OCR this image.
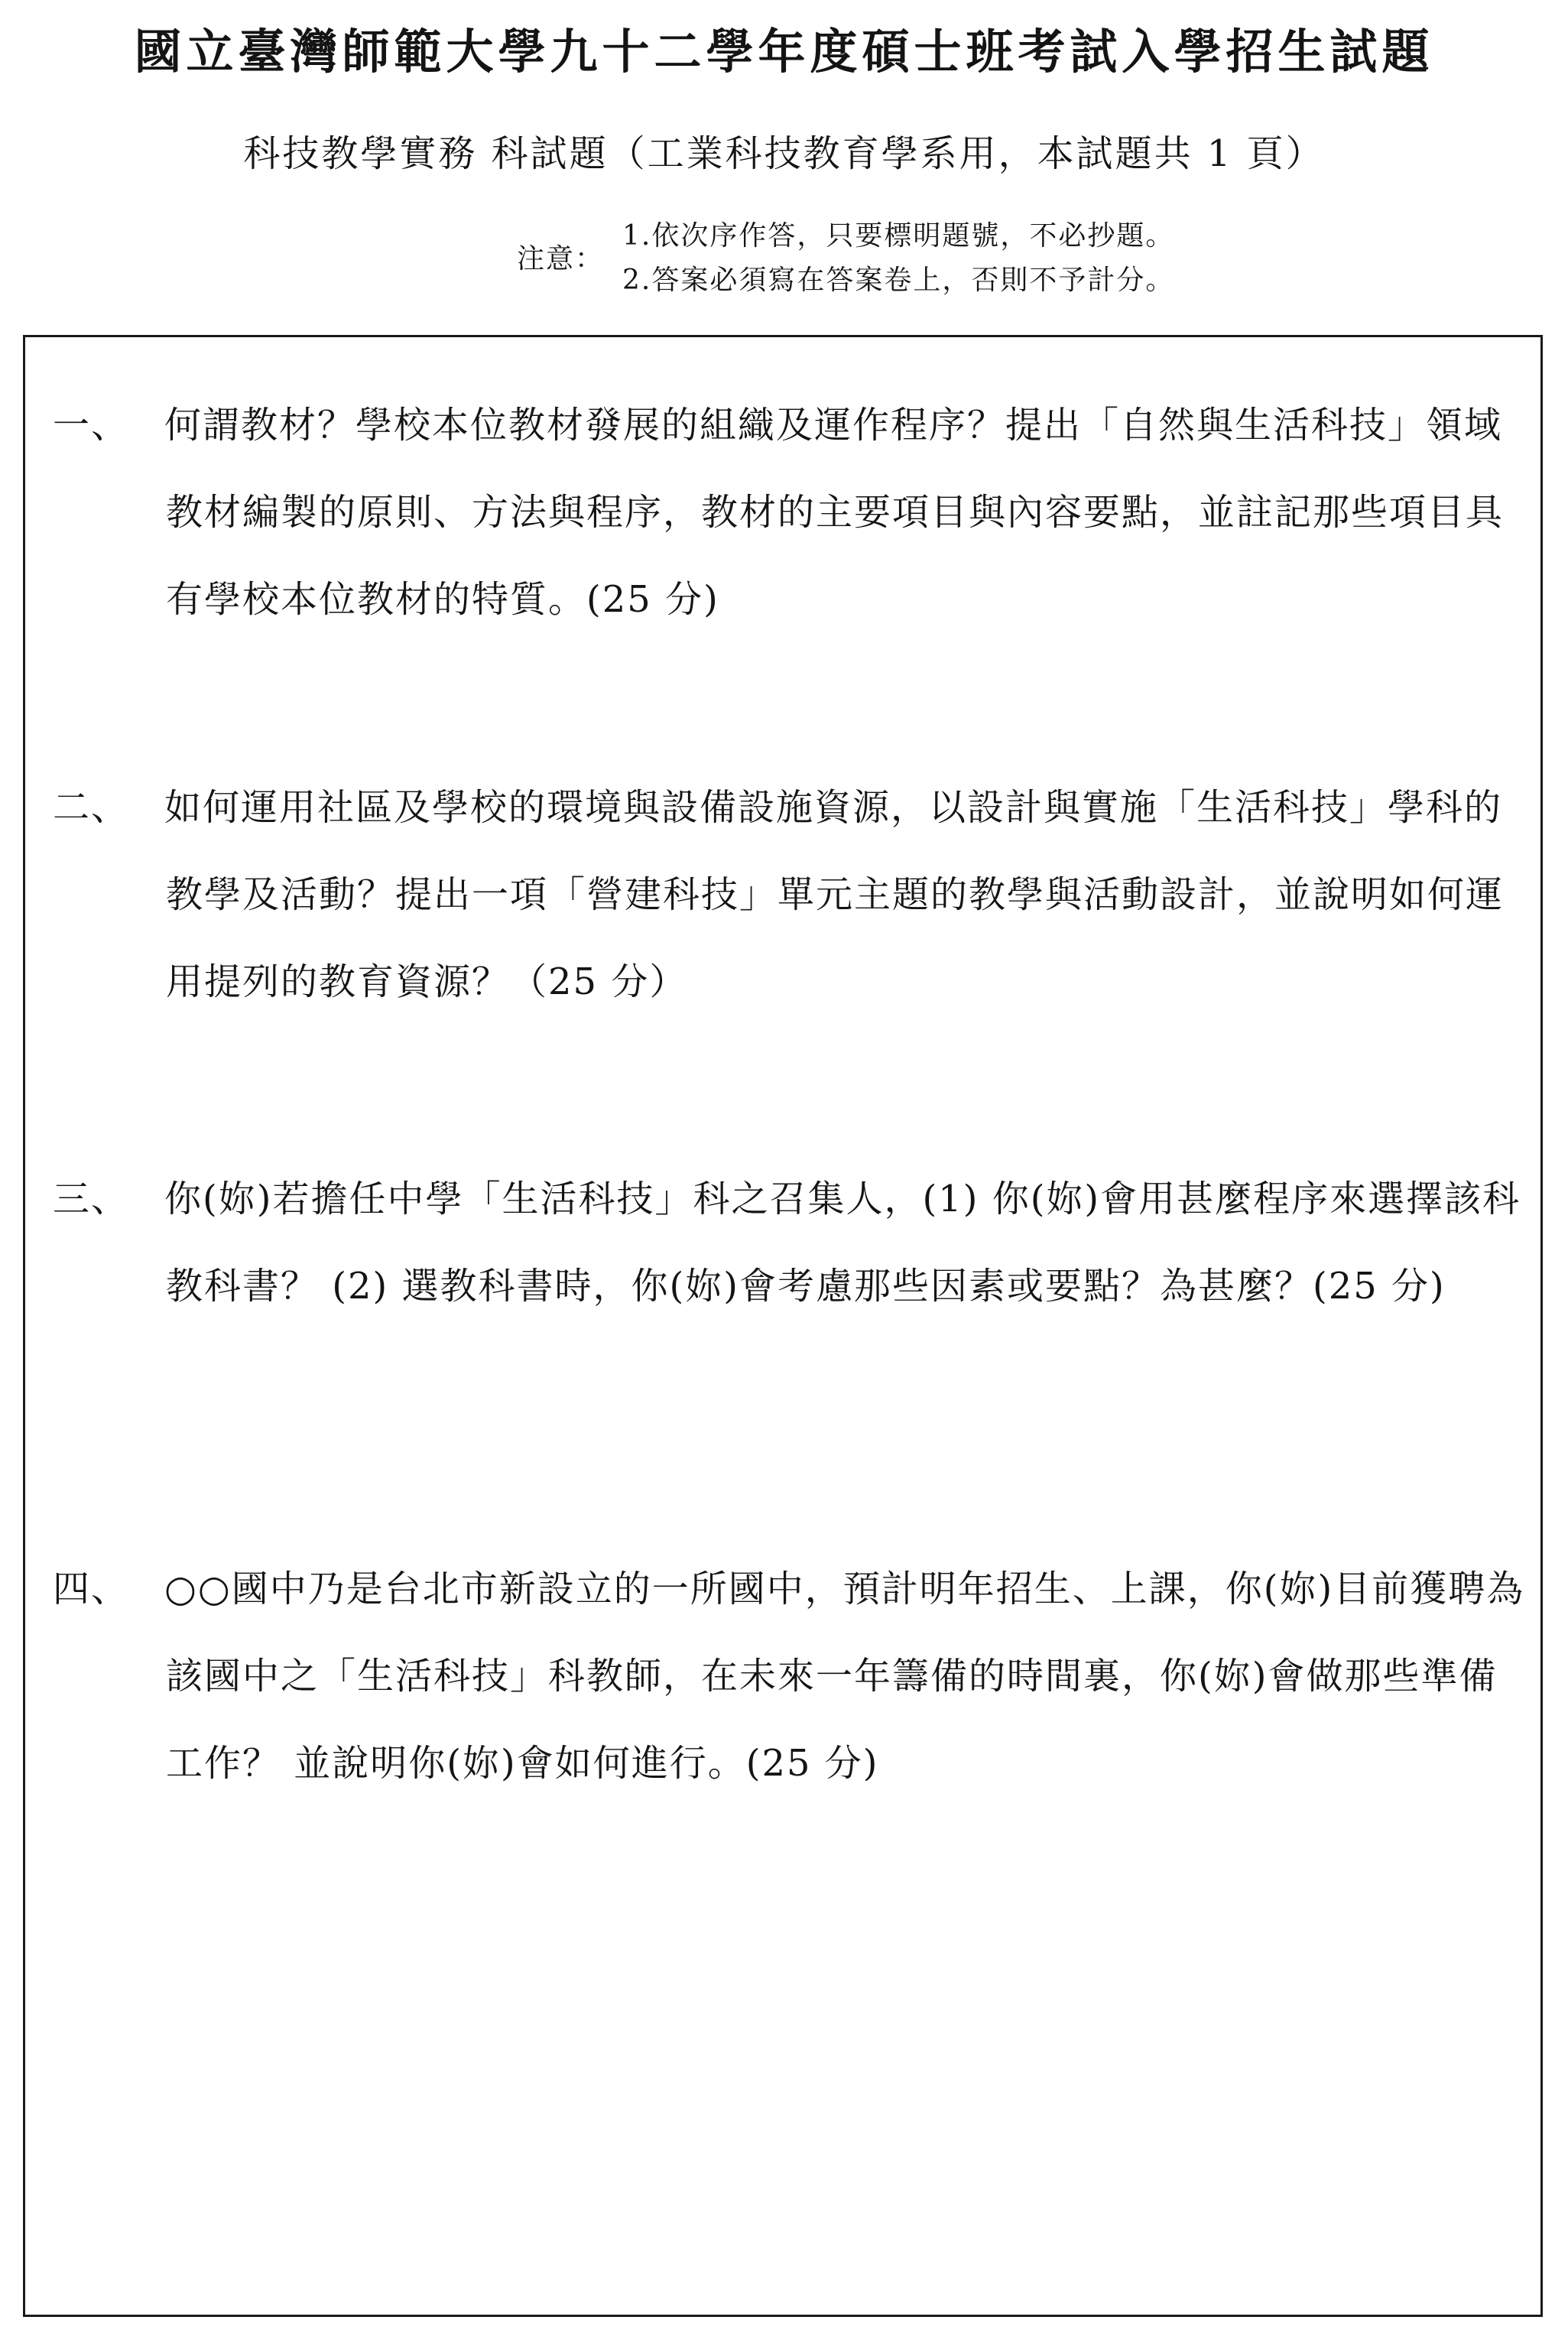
國立臺灣師範大學九十二學年度碩士班考試入學招生試題

科技教學實務 科試題（工業科技教育學系用，本試題共 1 頁）

注意：
1.依次序作答，只要標明題號，不必抄題。
2.答案必須寫在答案卷上，否則不予計分。
一、 何謂教材？學校本位教材發展的組織及運作程序？提出「自然與生活科技」領域教材編製的原則、方法與程序，教材的主要項目與內容要點，並註記那些項目具有學校本位教材的特質。(25 分)
二、 如何運用社區及學校的環境與設備設施資源，以設計與實施「生活科技」學科的教學及活動？提出一項「營建科技」單元主題的教學與活動設計，並說明如何運用提列的教育資源？（25 分）
三、 你(妳)若擔任中學「生活科技」科之召集人，(1) 你(妳)會用甚麼程序來選擇該科教科書？ (2) 選教科書時，你(妳)會考慮那些因素或要點？為甚麼？(25 分)
四、 ○○國中乃是台北市新設立的一所國中，預計明年招生、上課，你(妳)目前獲聘為該國中之「生活科技」科教師，在未來一年籌備的時間裏，你(妳)會做那些準備工作？ 並說明你(妳)會如何進行。(25 分)
